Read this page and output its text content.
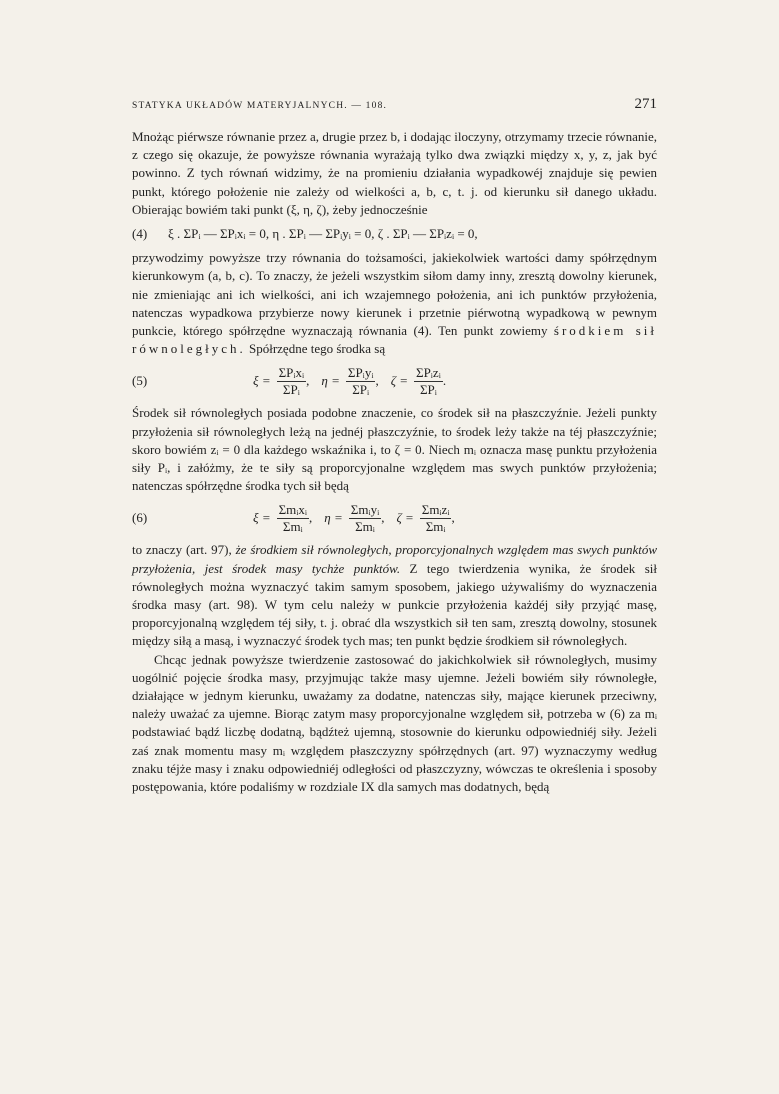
STATYKA UKŁADÓW MATERYJALNYCH. — 108.	271

Mnożąc piérwsze równanie przez a, drugie przez b, i dodając iloczyny, otrzymamy trzecie równanie, z czego się okazuje, że powyższe równania wyrażają tylko dwa związki między x, y, z, jak być powinno. Z tych równań widzimy, że na promieniu działania wypadkowéj znajduje się pewien punkt, którego położenie nie zależy od wielkości a, b, c, t. j. od kierunku sił danego układu. Obierając bowiém taki punkt (ξ, η, ζ), żeby jednocześnie

(4)	ξ . ΣPᵢ — ΣPᵢxᵢ = 0, η . ΣPᵢ — ΣPᵢyᵢ = 0, ζ . ΣPᵢ — ΣPᵢzᵢ = 0,

przywodzimy powyższe trzy równania do tożsamości, jakiekolwiek wartości damy spółrzędnym kierunkowym (a, b, c). To znaczy, że jeżeli wszystkim siłom damy inny, zresztą dowolny kierunek, nie zmieniając ani ich wielkości, ani ich wzajemnego położenia, ani ich punktów przyłożenia, natenczas wypadkowa przybierze nowy kierunek i przetnie piérwotną wypadkową w pewnym punkcie, którego spółrzędne wyznaczają równania (4). Ten punkt zowiemy środkiem sił równoległych. Spółrzędne tego środka są

(5)	$\xi = \frac{\text{ΣPᵢxᵢ}}{\text{ΣPᵢ}}$ , $\eta = \frac{\text{ΣPᵢyᵢ}}{\text{ΣPᵢ}}$ , $\zeta = \frac{\text{ΣPᵢzᵢ}}{\text{ΣPᵢ}}$ .

Środek sił równoległych posiada podobne znaczenie, co środek sił na płaszczyźnie. Jeżeli punkty przyłożenia sił równoległych leżą na jednéj płaszczyźnie, to środek leży także na téj płaszczyźnie; skoro bowiém zᵢ = 0 dla każdego wskaźnika i, to ζ = 0. Niech mᵢ oznacza masę punktu przyłożenia siły Pᵢ, i załóżmy, że te siły są proporcyjonalne względem mas swych punktów przyłożenia; natenczas spółrzędne środka tych sił będą

(6)	$\xi = \frac{\text{Σmᵢxᵢ}}{\text{Σmᵢ}}$ , $\eta = \frac{\text{Σmᵢyᵢ}}{\text{Σmᵢ}}$ , $\zeta = \frac{\text{Σmᵢzᵢ}}{\text{Σmᵢ}}$ ,

to znaczy (art. 97), że środkiem sił równoległych, proporcyjonalnych względem mas swych punktów przyłożenia, jest środek masy tychże punktów. Z tego twierdzenia wynika, że środek sił równoległych można wyznaczyć takim samym sposobem, jakiego używaliśmy do wyznaczenia środka masy (art. 98). W tym celu należy w punkcie przyłożenia każdéj siły przyjąć masę, proporcyjonalną względem téj siły, t. j. obrać dla wszystkich sił ten sam, zresztą dowolny, stosunek między siłą a masą, i wyznaczyć środek tych mas; ten punkt będzie środkiem sił równoległych.

Chcąc jednak powyższe twierdzenie zastosować do jakichkolwiek sił równoległych, musimy uogólnić pojęcie środka masy, przyjmując także masy ujemne. Jeżeli bowiém siły równoległe, działające w jednym kierunku, uważamy za dodatne, natenczas siły, mające kierunek przeciwny, należy uważać za ujemne. Biorąc zatym masy proporcyjonalne względem sił, potrzeba w (6) za mᵢ podstawiać bądź liczbę dodatną, bądźteż ujemną, stosownie do kierunku odpowiedniéj siły. Jeżeli zaś znak momentu masy mᵢ względem płaszczyzny spółrzędnych (art. 97) wyznaczymy według znaku téjże masy i znaku odpowiedniéj odległości od płaszczyzny, wówczas te określenia i sposoby postępowania, które podaliśmy w rozdziale IX dla samych mas dodatnych, będą
